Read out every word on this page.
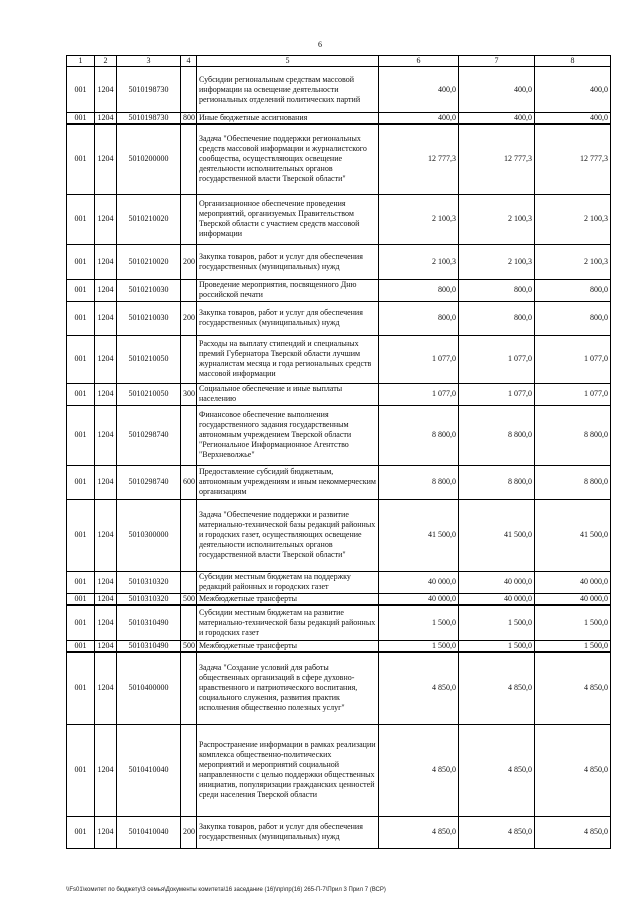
6
1	2	3	4	5	6	7	8
001	1204	5010198730		Субсидии региональным средствам массовой информации на освещение деятельности региональных отделений политических партий	400,0	400,0	400,0
001	1204	5010198730	800	Иные бюджетные ассигнования	400,0	400,0	400,0
001	1204	5010200000		Задача "Обеспечение поддержки региональных средств массовой информации и журналистского сообщества, осуществляющих освещение деятельности исполнительных органов государственной власти Тверской области"	12 777,3	12 777,3	12 777,3
001	1204	5010210020		Организационное обеспечение проведения мероприятий, организуемых Правительством Тверской области с участием средств массовой информации	2 100,3	2 100,3	2 100,3
001	1204	5010210020	200	Закупка товаров, работ и услуг для обеспечения государственных (муниципальных) нужд	2 100,3	2 100,3	2 100,3
001	1204	5010210030		Проведение мероприятия, посвященного Дню российской печати	800,0	800,0	800,0
001	1204	5010210030	200	Закупка товаров, работ и услуг для обеспечения государственных (муниципальных) нужд	800,0	800,0	800,0
001	1204	5010210050		Расходы на выплату стипендий и специальных премий Губернатора Тверской области лучшим журналистам месяца и года региональных средств массовой информации	1 077,0	1 077,0	1 077,0
001	1204	5010210050	300	Социальное обеспечение и иные выплаты населению	1 077,0	1 077,0	1 077,0
001	1204	5010298740		Финансовое обеспечение выполнения государственного задания государственным автономным учреждением Тверской области "Региональное Информационное Агентство "Верхневолжье"	8 800,0	8 800,0	8 800,0
001	1204	5010298740	600	Предоставление субсидий бюджетным, автономным учреждениям и иным некоммерческим организациям	8 800,0	8 800,0	8 800,0
001	1204	5010300000		Задача "Обеспечение поддержки и развитие материально-технической базы редакций районных и городских газет, осуществляющих освещение деятельности исполнительных органов государственной власти Тверской области"	41 500,0	41 500,0	41 500,0
001	1204	5010310320		Субсидии местным бюджетам на поддержку редакций районных и городских газет	40 000,0	40 000,0	40 000,0
001	1204	5010310320	500	Межбюджетные трансферты	40 000,0	40 000,0	40 000,0
001	1204	5010310490		Субсидии местным бюджетам на развитие материально-технической базы редакций районных и городских газет	1 500,0	1 500,0	1 500,0
001	1204	5010310490	500	Межбюджетные трансферты	1 500,0	1 500,0	1 500,0
001	1204	5010400000		Задача "Создание условий для работы общественных организаций в сфере духовно-нравственного и патриотического воспитания, социального служения, развития практик исполнения общественно полезных услуг"	4 850,0	4 850,0	4 850,0
001	1204	5010410040		Распространение информации в рамках реализации комплекса общественно-политических мероприятий и мероприятий социальной направленности с целью поддержки общественных инициатив, популяризации гражданских ценностей среди населения Тверской области	4 850,0	4 850,0	4 850,0
001	1204	5010410040	200	Закупка товаров, работ и услуг для обеспечения государственных (муниципальных) нужд	4 850,0	4 850,0	4 850,0
\\Fs01\комитет по бюджету\3 семья\Документы комитета\16 заседание (16)\пр\пр(16) 265-П-7\Прил 3 Прил 7 (ВСР)
